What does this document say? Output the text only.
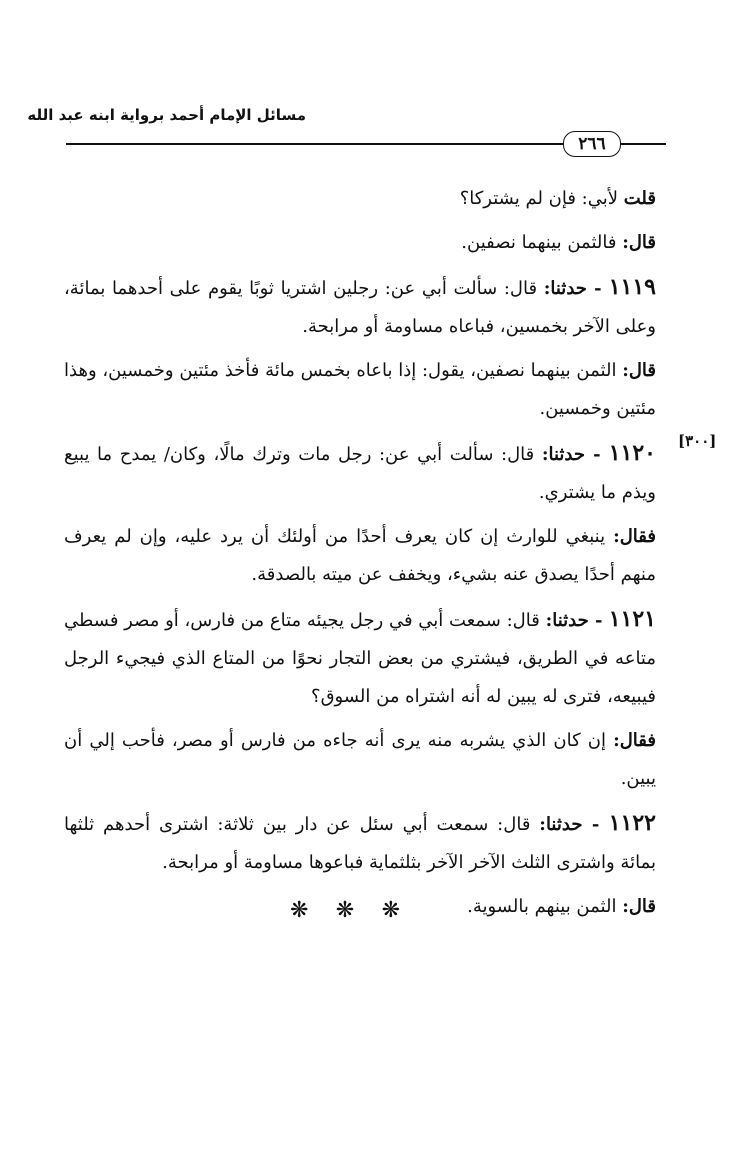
مسائل الإمام أحمد برواية ابنه عبد الله
٢٦٦
[٣٠٠]

قلت لأبي: فإن لم يشتركا؟

قال: فالثمن بينهما نصفين.

١١١٩ - حدثنا: قال: سألت أبي عن: رجلين اشتريا ثوبًا يقوم على أحدهما بمائة، وعلى الآخر بخمسين، فباعاه مساومة أو مرابحة.

قال: الثمن بينهما نصفين، يقول: إذا باعاه بخمس مائة فأخذ مئتين وخمسين، وهذا مئتين وخمسين.

١١٢٠ - حدثنا: قال: سألت أبي عن: رجل مات وترك مالًا، وكان/ يمدح ما يبيع ويذم ما يشتري.

فقال: ينبغي للوارث إن كان يعرف أحدًا من أولئك أن يرد عليه، وإن لم يعرف منهم أحدًا يصدق عنه بشيء، ويخفف عن ميته بالصدقة.

١١٢١ - حدثنا: قال: سمعت أبي في رجل يجيئه متاع من فارس، أو مصر فسطي متاعه في الطريق، فيشتري من بعض التجار نحوًا من المتاع الذي فيجيء الرجل فيبيعه، فترى له يبين له أنه اشتراه من السوق؟

فقال: إن كان الذي يشربه منه يرى أنه جاءه من فارس أو مصر، فأحب إلي أن يبين.

١١٢٢ - حدثنا: قال: سمعت أبي سئل عن دار بين ثلاثة: اشترى أحدهم ثلثها بمائة واشترى الثلث الآخر الآخر بثلثماية فباعوها مساومة أو مرابحة.

قال: الثمن بينهم بالسوية.

❋ ❋ ❋
